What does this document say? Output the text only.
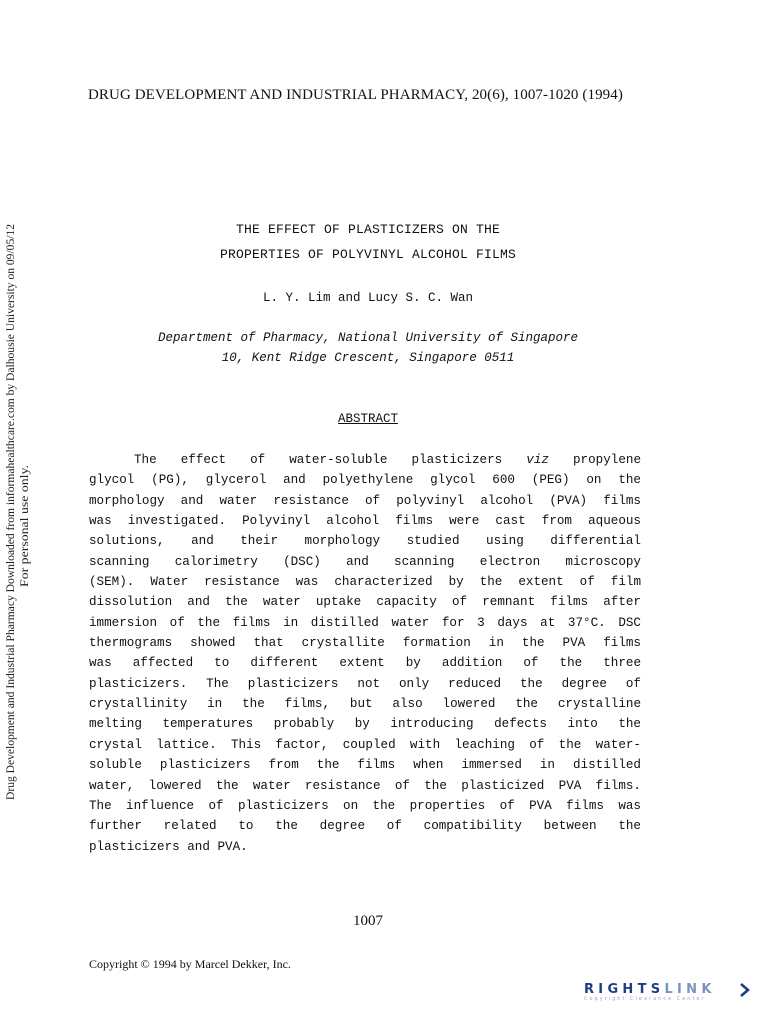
DRUG DEVELOPMENT AND INDUSTRIAL PHARMACY, 20(6), 1007-1020 (1994)
Drug Development and Industrial Pharmacy Downloaded from informahealthcare.com by Dalhousie University on 09/05/12 For personal use only.
THE EFFECT OF PLASTICIZERS ON THE
PROPERTIES OF POLYVINYL ALCOHOL FILMS
L. Y. Lim and Lucy S. C. Wan
Department of Pharmacy, National University of Singapore
10, Kent Ridge Crescent, Singapore 0511
ABSTRACT
The effect of water-soluble plasticizers viz propylene
glycol (PG), glycerol and polyethylene glycol 600 (PEG) on the
morphology and water resistance of polyvinyl alcohol (PVA) films
was investigated. Polyvinyl alcohol films were cast from aqueous
solutions, and their morphology studied using differential
scanning calorimetry (DSC) and scanning electron microscopy
(SEM). Water resistance was characterized by the extent of film
dissolution and the water uptake capacity of remnant films after
immersion of the films in distilled water for 3 days at 37°C. DSC
thermograms showed that crystallite formation in the PVA films
was affected to different extent by addition of the three
plasticizers. The plasticizers not only reduced the degree of
crystallinity in the films, but also lowered the crystalline
melting temperatures probably by introducing defects into the
crystal lattice. This factor, coupled with leaching of the water-
soluble plasticizers from the films when immersed in distilled
water, lowered the water resistance of the plasticized PVA films.
The influence of plasticizers on the properties of PVA films was
further related to the degree of compatibility between the
plasticizers and PVA.
1007
Copyright © 1994 by Marcel Dekker, Inc.
RIGHTSLINK
Copyright Clearance Center
